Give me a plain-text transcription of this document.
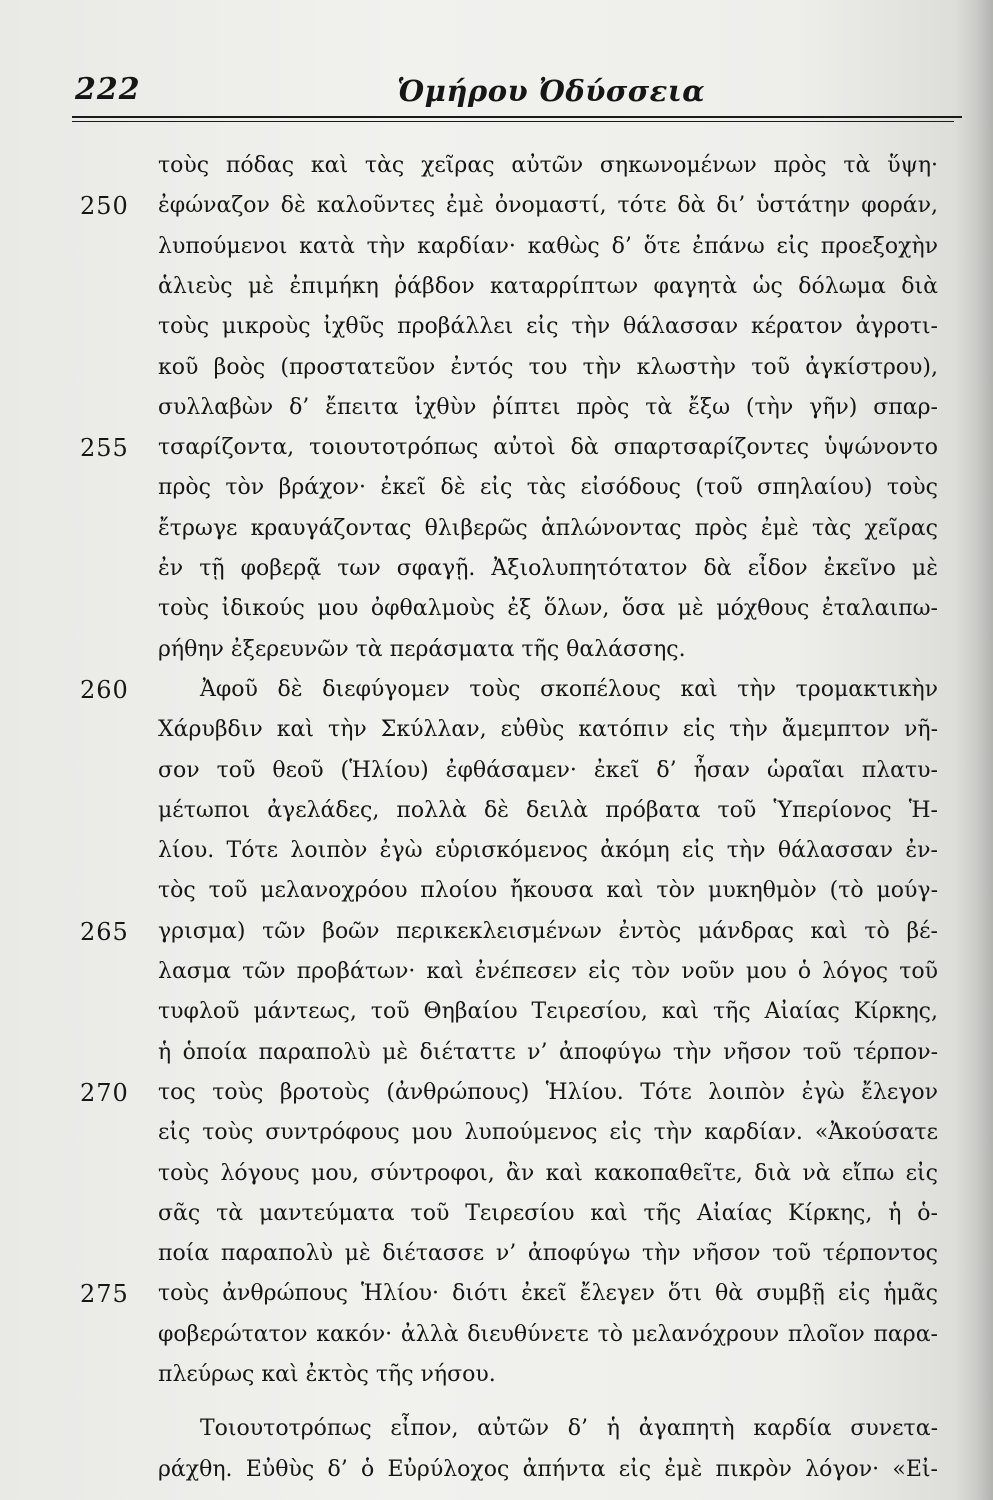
222	Ὁμήρου Ὀδύσσεια
τοὺς πόδας καὶ τὰς χεῖρας αὐτῶν σηκωνομένων πρὸς τὰ ὕψη·
250 ἐφώναζον δὲ καλοῦντες ἐμὲ ὀνομαστί, τότε δὰ δι’ ὑστάτην φοράν,
λυπούμενοι κατὰ τὴν καρδίαν· καθὼς δ’ ὅτε ἐπάνω εἰς προεξοχὴν
ἁλιεὺς μὲ ἐπιμήκη ῥάβδον καταρρίπτων φαγητὰ ὡς δόλωμα διὰ
τοὺς μικροὺς ἰχθῦς προβάλλει εἰς τὴν θάλασσαν κέρατον ἀγροτι-
κοῦ βοὸς (προστατεῦον ἐντός του τὴν κλωστὴν τοῦ ἀγκίστρου),
συλλαβὼν δ’ ἔπειτα ἰχθὺν ῥίπτει πρὸς τὰ ἔξω (τὴν γῆν) σπαρ-
255 τσαρίζοντα, τοιουτοτρόπως αὐτοὶ δὰ σπαρτσαρίζοντες ὑψώνοντο
πρὸς τὸν βράχον· ἐκεῖ δὲ εἰς τὰς εἰσόδους (τοῦ σπηλαίου) τοὺς
ἔτρωγε κραυγάζοντας θλιβερῶς ἁπλώνοντας πρὸς ἐμὲ τὰς χεῖρας
ἐν τῇ φοβερᾷ των σφαγῇ. Ἀξιολυπητότατον δὰ εἶδον ἐκεῖνο μὲ
τοὺς ἰδικούς μου ὀφθαλμοὺς ἐξ ὅλων, ὅσα μὲ μόχθους ἐταλαιπω-
ρήθην ἐξερευνῶν τὰ περάσματα τῆς θαλάσσης.
260	Ἀφοῦ δὲ διεφύγομεν τοὺς σκοπέλους καὶ τὴν τρομακτικὴν
Χάρυβδιν καὶ τὴν Σκύλλαν, εὐθὺς κατόπιν εἰς τὴν ἄμεμπτον νῆ-
σον τοῦ θεοῦ (Ἡλίου) ἐφθάσαμεν· ἐκεῖ δ’ ἦσαν ὡραῖαι πλατυ-
μέτωποι ἀγελάδες, πολλὰ δὲ δειλὰ πρόβατα τοῦ Ὑπερίονος Ἡ-
λίου. Τότε λοιπὸν ἐγὼ εὑρισκόμενος ἀκόμη εἰς τὴν θάλασσαν ἐν-
τὸς τοῦ μελανοχρόου πλοίου ἤκουσα καὶ τὸν μυκηθμὸν (τὸ μούγ-
265 γρισμα) τῶν βοῶν περικεκλεισμένων ἐντὸς μάνδρας καὶ τὸ βέ-
λασμα τῶν προβάτων· καὶ ἐνέπεσεν εἰς τὸν νοῦν μου ὁ λόγος τοῦ
τυφλοῦ μάντεως, τοῦ Θηβαίου Τειρεσίου, καὶ τῆς Αἰαίας Κίρκης,
ἡ ὁποία παραπολὺ μὲ διέταττε ν’ ἀποφύγω τὴν νῆσον τοῦ τέρπον-
270 τος τοὺς βροτοὺς (ἀνθρώπους) Ἡλίου. Τότε λοιπὸν ἐγὼ ἔλεγον
εἰς τοὺς συντρόφους μου λυπούμενος εἰς τὴν καρδίαν. «Ἀκούσατε
τοὺς λόγους μου, σύντροφοι, ἂν καὶ κακοπαθεῖτε, διὰ νὰ εἴπω εἰς
σᾶς τὰ μαντεύματα τοῦ Τειρεσίου καὶ τῆς Αἰαίας Κίρκης, ἡ ὁ-
ποία παραπολὺ μὲ διέτασσε ν’ ἀποφύγω τὴν νῆσον τοῦ τέρποντος
275 τοὺς ἀνθρώπους Ἡλίου· διότι ἐκεῖ ἔλεγεν ὅτι θὰ συμβῇ εἰς ἡμᾶς
φοβερώτατον κακόν· ἀλλὰ διευθύνετε τὸ μελανόχρουν πλοῖον παρα-
πλεύρως καὶ ἐκτὸς τῆς νήσου.
Τοιουτοτρόπως εἶπον, αὐτῶν δ’ ἡ ἀγαπητὴ καρδία συνετα-
ράχθη. Εὐθὺς δ’ ὁ Εὐρύλοχος ἀπήντα εἰς ἐμὲ πικρὸν λόγον· «Εἰ-
